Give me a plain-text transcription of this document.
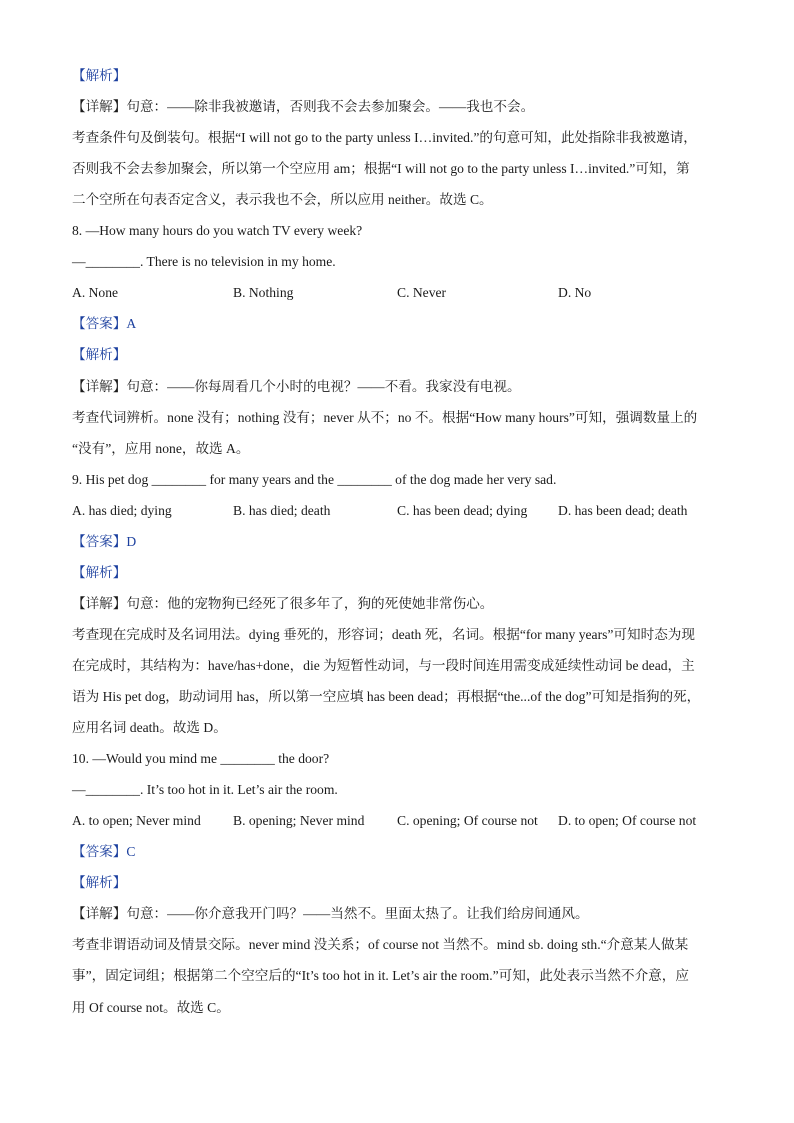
【解析】
【详解】句意：——除非我被邀请，否则我不会去参加聚会。——我也不会。
考查条件句及倒装句。根据“I will not go to the party unless I…invited.”的句意可知，此处指除非我被邀请，
否则我不会去参加聚会，所以第一个空应用 am；根据“I will not go to the party unless I…invited.”可知，第
二个空所在句表否定含义，表示我也不会，所以应用 neither。故选 C。
8. —How many hours do you watch TV every week?
—________. There is no television in my home.
A. None	B. Nothing	C. Never	D. No
【答案】A
【解析】
【详解】句意：——你每周看几个小时的电视？——不看。我家没有电视。
考查代词辨析。none 没有；nothing 没有；never 从不；no 不。根据“How many hours”可知，强调数量上的
“没有”，应用 none，故选 A。
9. His pet dog ________ for many years and the ________ of the dog made her very sad.
A. has died; dying	B. has died; death	C. has been dead; dying D. has been dead; death
【答案】D
【解析】
【详解】句意：他的宠物狗已经死了很多年了，狗的死使她非常伤心。
考查现在完成时及名词用法。dying 垂死的，形容词；death 死，名词。根据“for many years”可知时态为现
在完成时，其结构为：have/has+done，die 为短暂性动词，与一段时间连用需变成延续性动词 be dead，主
语为 His pet dog，助动词用 has，所以第一空应填 has been dead；再根据“the...of the dog”可知是指狗的死，
应用名词 death。故选 D。
10. —Would you mind me ________ the door?
—________. It’s too hot in it. Let’s air the room.
A. to open; Never mind B. opening; Never mind C. opening; Of course not D. to open; Of course not
【答案】C
【解析】
【详解】句意：——你介意我开门吗？——当然不。里面太热了。让我们给房间通风。
考查非谓语动词及情景交际。never mind 没关系；of course not 当然不。mind sb. doing sth.“介意某人做某
事”，固定词组；根据第二个空空后的“It’s too hot in it. Let’s air the room.”可知，此处表示当然不介意，应
用 Of course not。故选 C。
